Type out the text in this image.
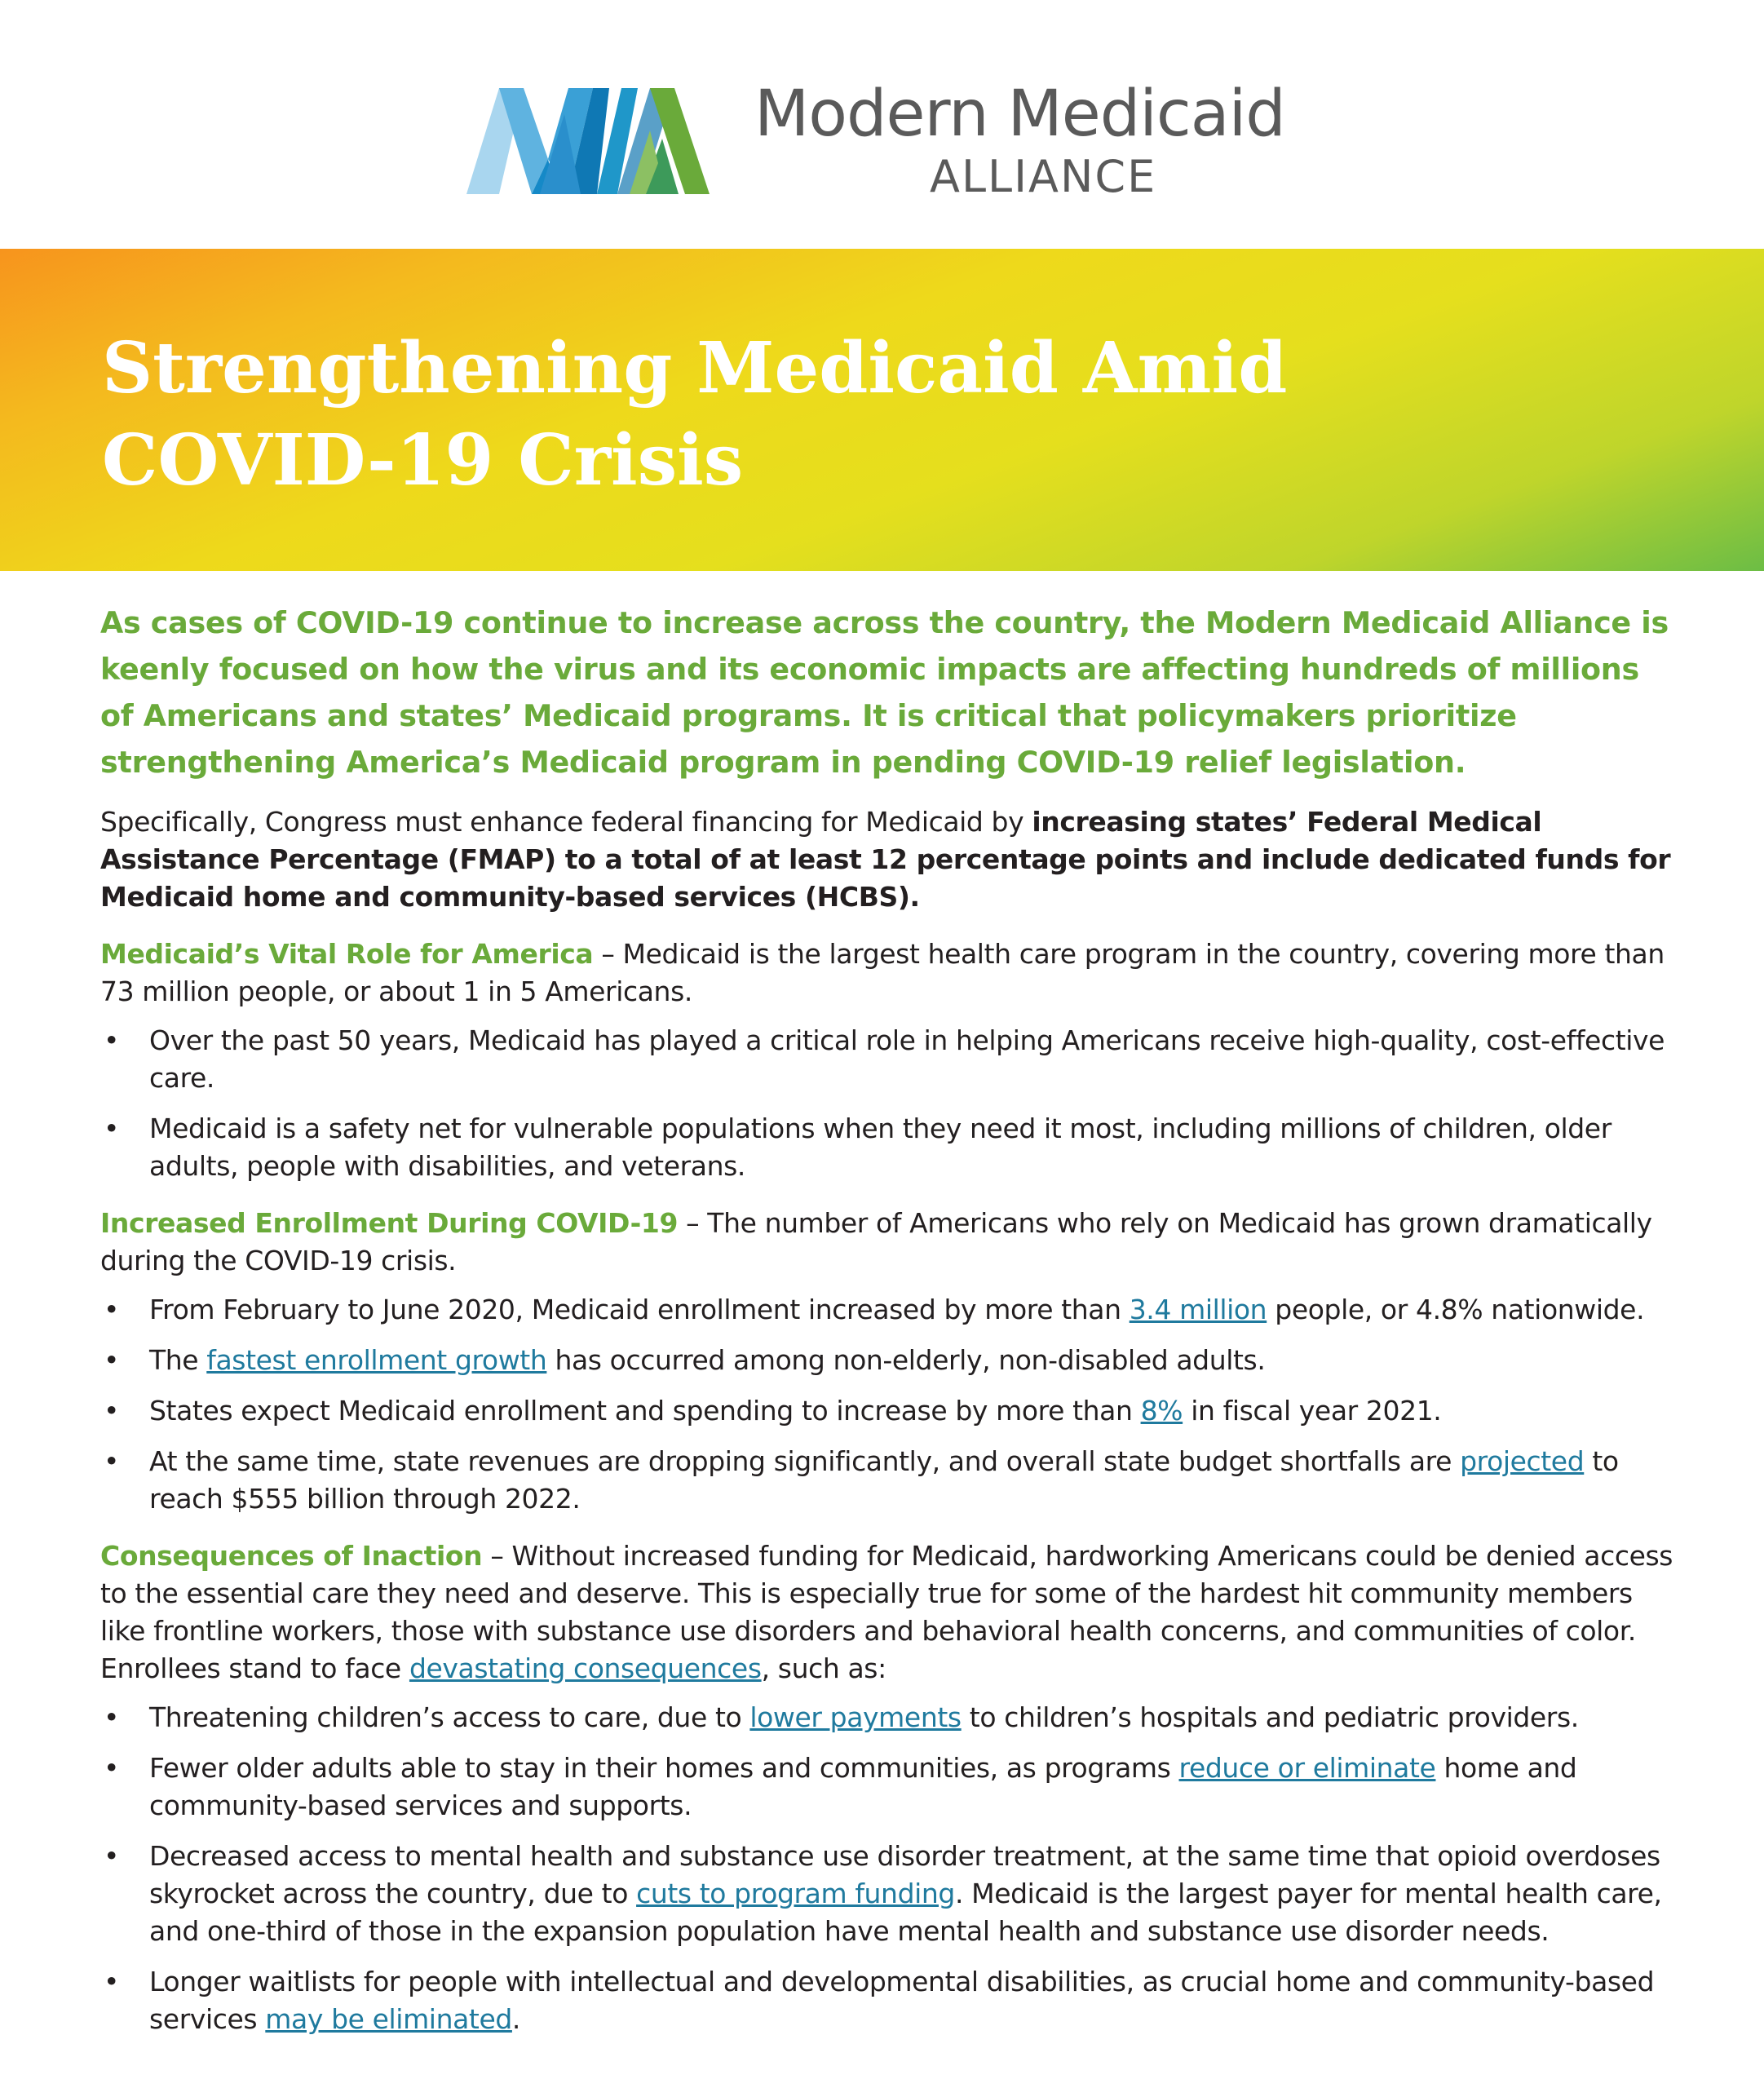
Modern Medicaid
ALLIANCE
Strengthening Medicaid Amid
COVID-19 Crisis

As cases of COVID-19 continue to increase across the country, the Modern Medicaid Alliance is keenly focused on how the virus and its economic impacts are affecting hundreds of millions of Americans and states’ Medicaid programs. It is critical that policymakers prioritize strengthening America’s Medicaid program in pending COVID-19 relief legislation.

Specifically, Congress must enhance federal financing for Medicaid by increasing states’ Federal Medical Assistance Percentage (FMAP) to a total of at least 12 percentage points and include dedicated funds for Medicaid home and community-based services (HCBS).

Medicaid’s Vital Role for America – Medicaid is the largest health care program in the country, covering more than 73 million people, or about 1 in 5 Americans.

• Over the past 50 years, Medicaid has played a critical role in helping Americans receive high-quality, cost-effective care.
• Medicaid is a safety net for vulnerable populations when they need it most, including millions of children, older adults, people with disabilities, and veterans.

Increased Enrollment During COVID-19 – The number of Americans who rely on Medicaid has grown dramatically during the COVID-19 crisis.

• From February to June 2020, Medicaid enrollment increased by more than 3.4 million people, or 4.8% nationwide.
• The fastest enrollment growth has occurred among non-elderly, non-disabled adults.
• States expect Medicaid enrollment and spending to increase by more than 8% in fiscal year 2021.
• At the same time, state revenues are dropping significantly, and overall state budget shortfalls are projected to reach $555 billion through 2022.

Consequences of Inaction – Without increased funding for Medicaid, hardworking Americans could be denied access to the essential care they need and deserve. This is especially true for some of the hardest hit community members like frontline workers, those with substance use disorders and behavioral health concerns, and communities of color. Enrollees stand to face devastating consequences, such as:

• Threatening children’s access to care, due to lower payments to children’s hospitals and pediatric providers.
• Fewer older adults able to stay in their homes and communities, as programs reduce or eliminate home and community-based services and supports.
• Decreased access to mental health and substance use disorder treatment, at the same time that opioid overdoses skyrocket across the country, due to cuts to program funding. Medicaid is the largest payer for mental health care, and one-third of those in the expansion population have mental health and substance use disorder needs.
• Longer waitlists for people with intellectual and developmental disabilities, as crucial home and community-based services may be eliminated.
